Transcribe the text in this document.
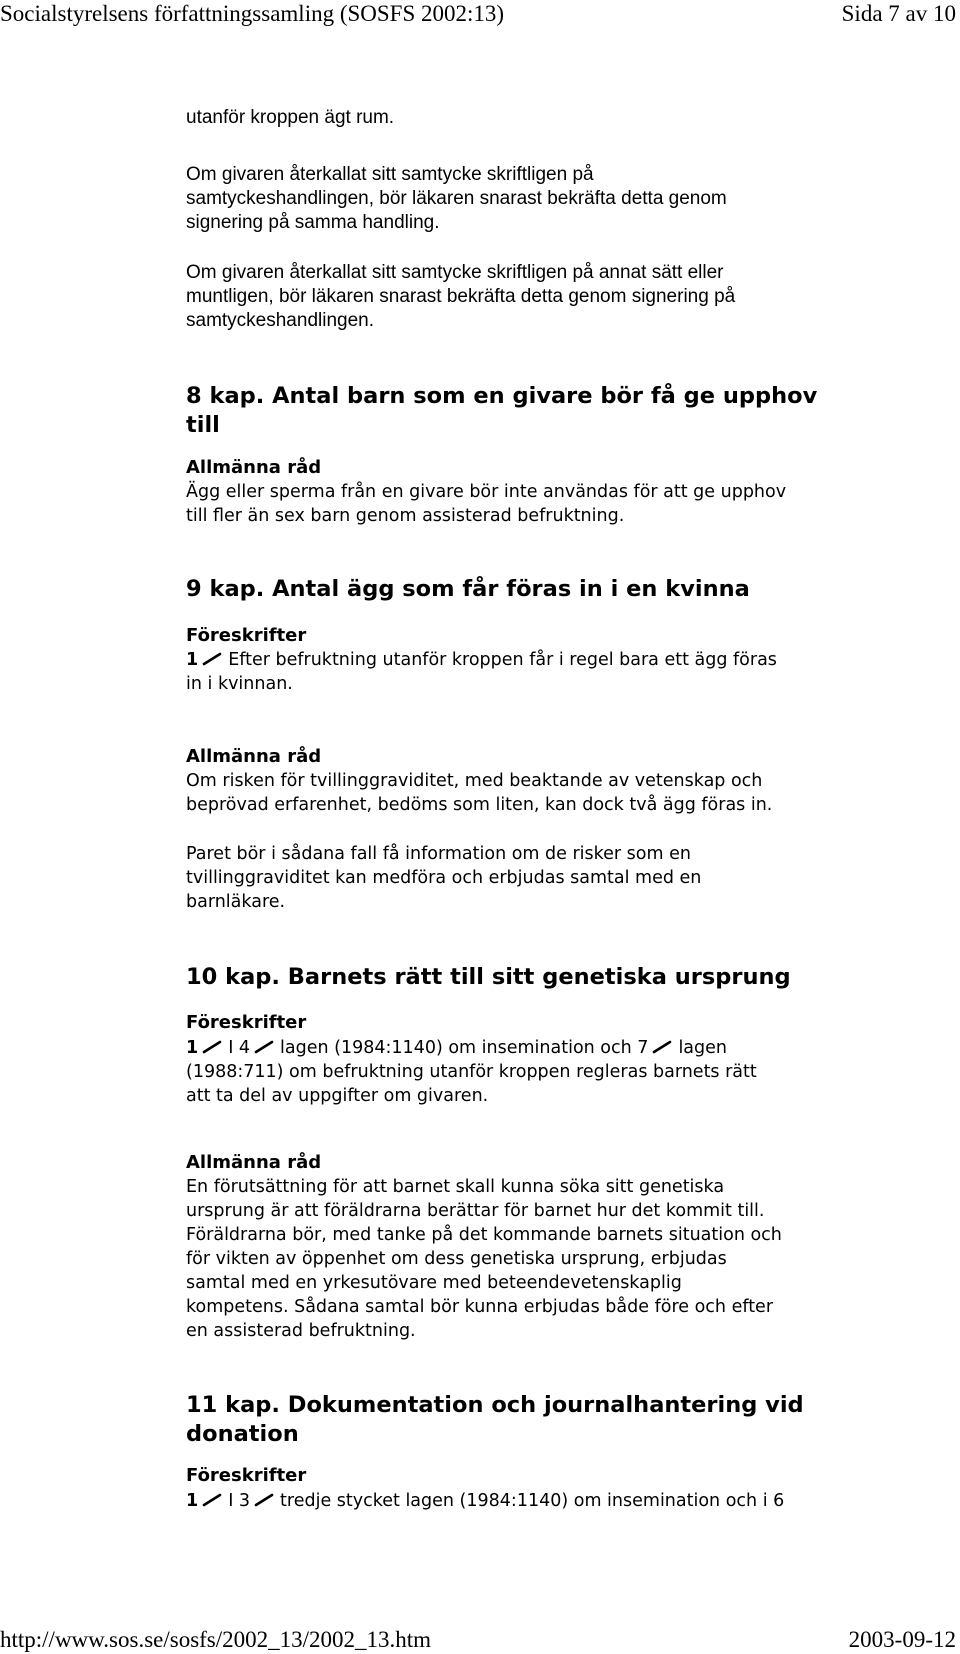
Socialstyrelsens författningssamling (SOSFS 2002:13)	Sida 7 av 10
utanför kroppen ägt rum.
Om givaren återkallat sitt samtycke skriftligen på
samtyckeshandlingen, bör läkaren snarast bekräfta detta genom
signering på samma handling.
Om givaren återkallat sitt samtycke skriftligen på annat sätt eller
muntligen, bör läkaren snarast bekräfta detta genom signering på
samtyckeshandlingen.
8 kap. Antal barn som en givare bör få ge upphov
till
Allmänna råd
Ägg eller sperma från en givare bör inte användas för att ge upphov
till fler än sex barn genom assisterad befruktning.
9 kap. Antal ägg som får föras in i en kvinna
Föreskrifter
1 Efter befruktning utanför kroppen får i regel bara ett ägg föras
in i kvinnan.
Allmänna råd
Om risken för tvillinggraviditet, med beaktande av vetenskap och
beprövad erfarenhet, bedöms som liten, kan dock två ägg föras in.
Paret bör i sådana fall få information om de risker som en
tvillinggraviditet kan medföra och erbjudas samtal med en
barnläkare.
10 kap. Barnets rätt till sitt genetiska ursprung
Föreskrifter
1 I 4 lagen (1984:1140) om insemination och 7 lagen
(1988:711) om befruktning utanför kroppen regleras barnets rätt
att ta del av uppgifter om givaren.
Allmänna råd
En förutsättning för att barnet skall kunna söka sitt genetiska
ursprung är att föräldrarna berättar för barnet hur det kommit till.
Föräldrarna bör, med tanke på det kommande barnets situation och
för vikten av öppenhet om dess genetiska ursprung, erbjudas
samtal med en yrkesutövare med beteendevetenskaplig
kompetens. Sådana samtal bör kunna erbjudas både före och efter
en assisterad befruktning.
11 kap. Dokumentation och journalhantering vid
donation
Föreskrifter
1 I 3 tredje stycket lagen (1984:1140) om insemination och i 6
http://www.sos.se/sosfs/2002_13/2002_13.htm	2003-09-12
